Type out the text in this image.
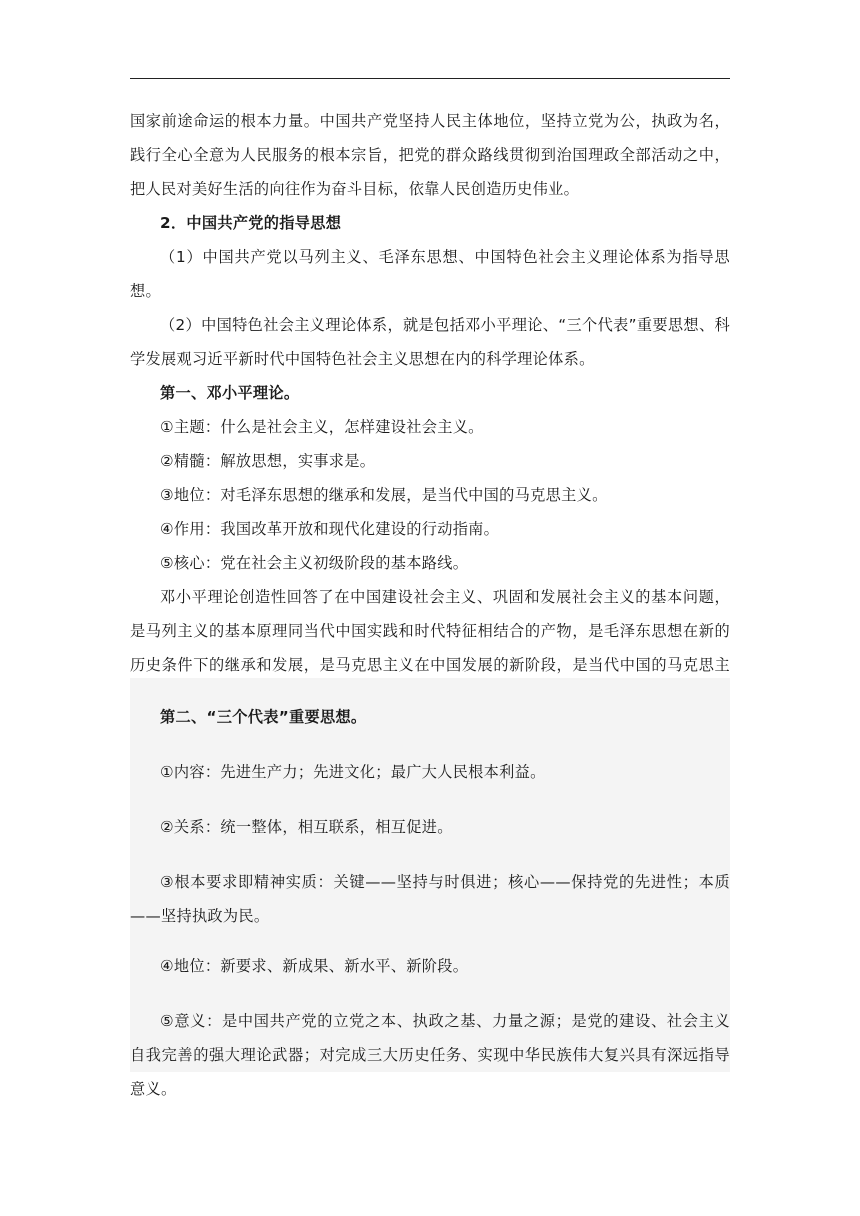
国家前途命运的根本力量。中国共产党坚持人民主体地位，坚持立党为公，执政为名，践行全心全意为人民服务的根本宗旨，把党的群众路线贯彻到治国理政全部活动之中，把人民对美好生活的向往作为奋斗目标，依靠人民创造历史伟业。

2．中国共产党的指导思想

（1）中国共产党以马列主义、毛泽东思想、中国特色社会主义理论体系为指导思想。

（2）中国特色社会主义理论体系，就是包括邓小平理论、“三个代表”重要思想、科学发展观习近平新时代中国特色社会主义思想在内的科学理论体系。

第一、邓小平理论。

①主题：什么是社会主义，怎样建设社会主义。

②精髓：解放思想，实事求是。

③地位：对毛泽东思想的继承和发展，是当代中国的马克思主义。

④作用：我国改革开放和现代化建设的行动指南。

⑤核心：党在社会主义初级阶段的基本路线。

邓小平理论创造性回答了在中国建设社会主义、巩固和发展社会主义的基本问题，是马列主义的基本原理同当代中国实践和时代特征相结合的产物，是毛泽东思想在新的历史条件下的继承和发展，是马克思主义在中国发展的新阶段，是当代中国的马克思主

第二、“三个代表”重要思想。

①内容：先进生产力；先进文化；最广大人民根本利益。

②关系：统一整体，相互联系，相互促进。

③根本要求即精神实质：关键——坚持与时俱进；核心——保持党的先进性；本质——坚持执政为民。

④地位：新要求、新成果、新水平、新阶段。

⑤意义：是中国共产党的立党之本、执政之基、力量之源；是党的建设、社会主义自我完善的强大理论武器；对完成三大历史任务、实现中华民族伟大复兴具有深远指导意义。
